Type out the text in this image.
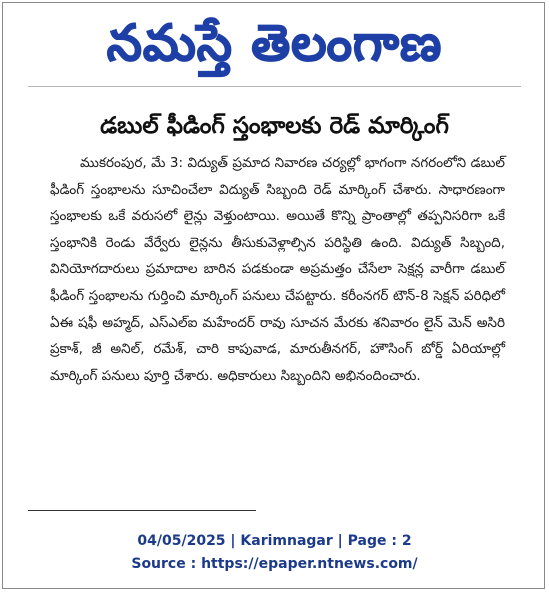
నమస్తే తెలంగాణ
డబుల్ ఫీడింగ్ స్తంభాలకు రెడ్ మార్కింగ్

ముకరంపుర, మే 3: విద్యుత్ ప్రమాద నివారణ చర్యల్లో భాగంగా నగరంలోని డబుల్ ఫీడింగ్ స్తంభాలను సూచించేలా విద్యుత్ సిబ్బంది రెడ్ మార్కింగ్ చేశారు. సాధారణంగా స్తంభాలకు ఒకే వరుసలో లైన్లు వెళ్తుంటాయి. అయితే కొన్ని ప్రాంతాల్లో తప్పనిసరిగా ఒకే స్తంభానికి రెండు వేర్వేరు లైన్లను తీసుకువెళ్లాల్సిన పరిస్థితి ఉంది. విద్యుత్ సిబ్బంది, వినియోగదారులు ప్రమాదాల బారిన పడకుండా అప్రమత్తం చేసేలా సెక్షన్ల వారీగా డబుల్ ఫీడింగ్ స్తంభాలను గుర్తించి మార్కింగ్ పనులు చేపట్టారు. కరీంనగర్ టౌన్-8 సెక్షన్ పరిధిలో ఏఈ షఫీ అహ్మద్, ఎస్ఎల్ఐ మహేందర్ రావు సూచన మేరకు శనివారం లైన్ మెన్ అసిరి ప్రకాశ్, జీ అనిల్, రమేశ్, చారి కాపువాడ, మారుతీనగర్, హౌసింగ్ బోర్డ్ ఏరియాల్లో మార్కింగ్ పనులు పూర్తి చేశారు. అధికారులు సిబ్బందిని అభినందించారు.

04/05/2025 | Karimnagar | Page : 2
Source : https://epaper.ntnews.com/
